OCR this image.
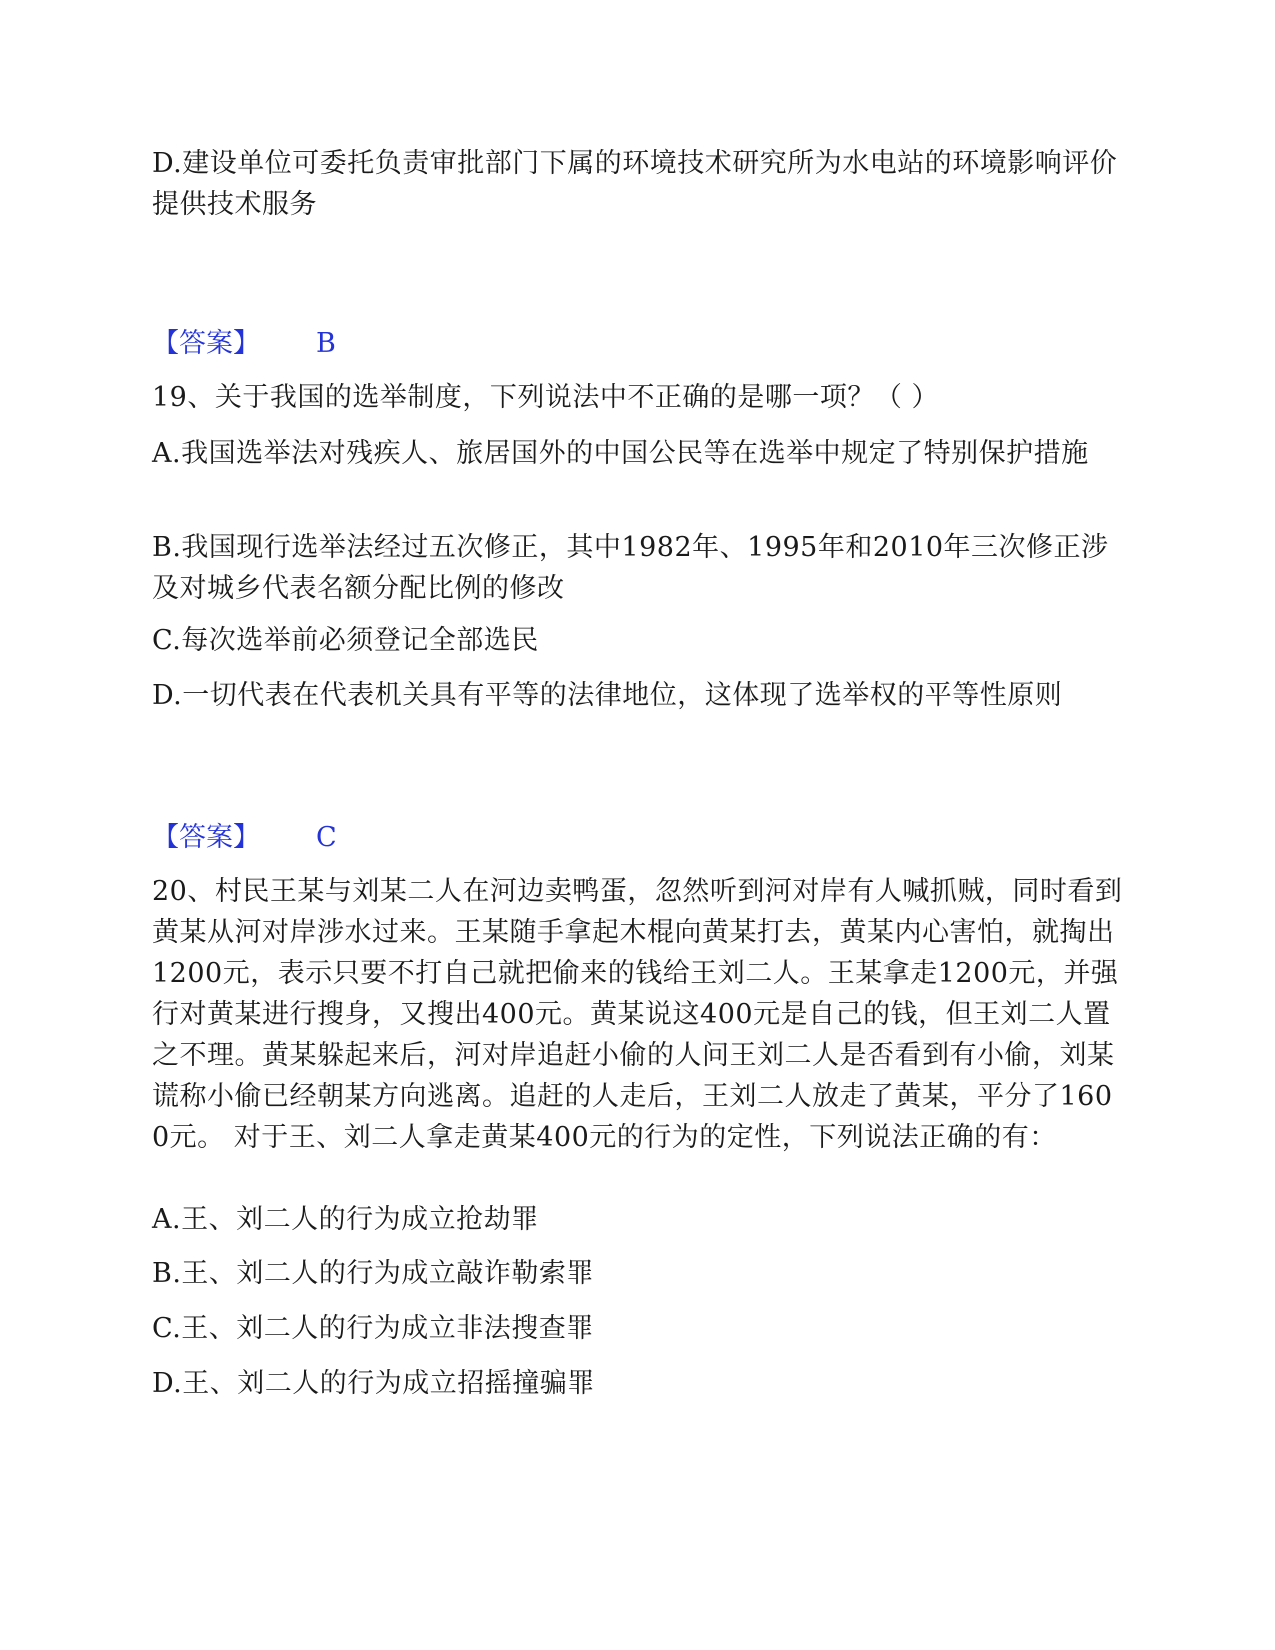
D.建设单位可委托负责审批部门下属的环境技术研究所为水电站的环境影响评价提供技术服务

【答案】 B

19、关于我国的选举制度，下列说法中不正确的是哪一项？（ ）

A.我国选举法对残疾人、旅居国外的中国公民等在选举中规定了特别保护措施

B.我国现行选举法经过五次修正，其中1982年、1995年和2010年三次修正涉及对城乡代表名额分配比例的修改

C.每次选举前必须登记全部选民

D.一切代表在代表机关具有平等的法律地位，这体现了选举权的平等性原则

【答案】 C

20、村民王某与刘某二人在河边卖鸭蛋，忽然听到河对岸有人喊抓贼，同时看到黄某从河对岸涉水过来。王某随手拿起木棍向黄某打去，黄某内心害怕，就掏出1200元，表示只要不打自己就把偷来的钱给王刘二人。王某拿走1200元，并强行对黄某进行搜身，又搜出400元。黄某说这400元是自己的钱，但王刘二人置之不理。黄某躲起来后，河对岸追赶小偷的人问王刘二人是否看到有小偷，刘某谎称小偷已经朝某方向逃离。追赶的人走后，王刘二人放走了黄某，平分了1600元。 对于王、刘二人拿走黄某400元的行为的定性，下列说法正确的有：

A.王、刘二人的行为成立抢劫罪

B.王、刘二人的行为成立敲诈勒索罪

C.王、刘二人的行为成立非法搜查罪

D.王、刘二人的行为成立招摇撞骗罪
